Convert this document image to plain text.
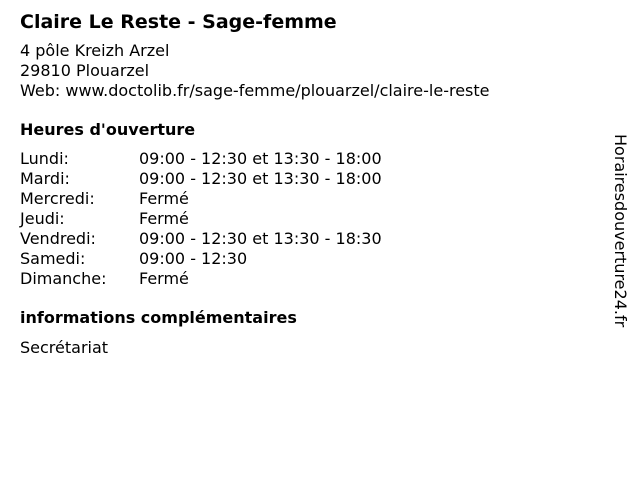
Claire Le Reste - Sage-femme
4 pôle Kreizh Arzel
29810 Plouarzel
Web: www.doctolib.fr/sage-femme/plouarzel/claire-le-reste
Heures d'ouverture
Lundi:	09:00 - 12:30 et 13:30 - 18:00
Mardi:	09:00 - 12:30 et 13:30 - 18:00
Mercredi:	Fermé
Jeudi:	Fermé
Vendredi:	09:00 - 12:30 et 13:30 - 18:30
Samedi:	09:00 - 12:30
Dimanche:	Fermé
informations complémentaires
Secrétariat
Horairesdouverture24.fr
